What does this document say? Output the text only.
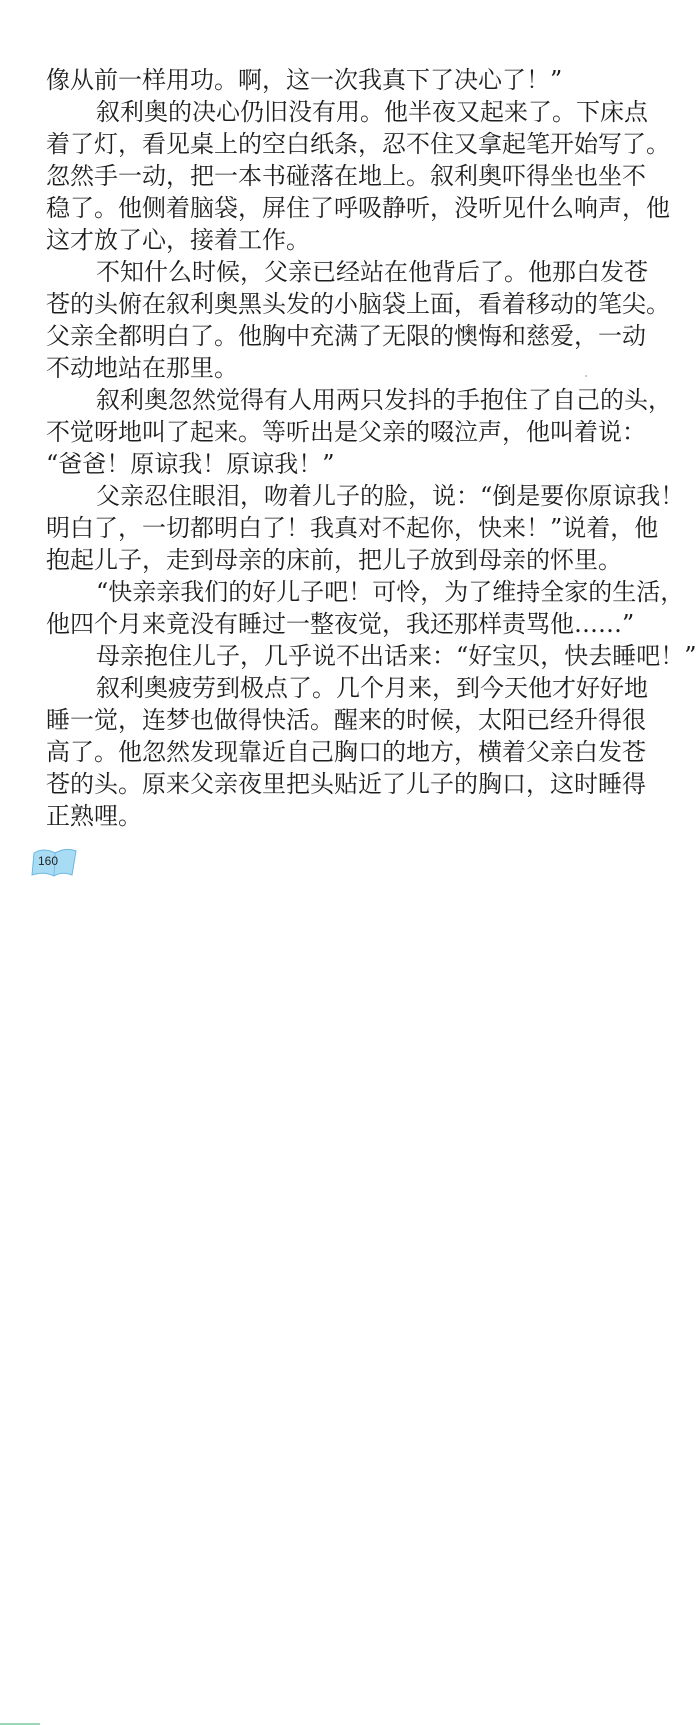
像从前一样用功。啊，这一次我真下了决心了！”
叙利奥的决心仍旧没有用。他半夜又起来了。下床点
着了灯，看见桌上的空白纸条，忍不住又拿起笔开始写了。
忽然手一动，把一本书碰落在地上。叙利奥吓得坐也坐不
稳了。他侧着脑袋，屏住了呼吸静听，没听见什么响声，他
这才放了心，接着工作。
不知什么时候，父亲已经站在他背后了。他那白发苍
苍的头俯在叙利奥黑头发的小脑袋上面，看着移动的笔尖。
父亲全都明白了。他胸中充满了无限的懊悔和慈爱，一动
不动地站在那里。
叙利奥忽然觉得有人用两只发抖的手抱住了自己的头，
不觉呀地叫了起来。等听出是父亲的啜泣声，他叫着说：
“爸爸！原谅我！原谅我！”
父亲忍住眼泪，吻着儿子的脸，说：“倒是要你原谅我！
明白了，一切都明白了！我真对不起你，快来！”说着，他
抱起儿子，走到母亲的床前，把儿子放到母亲的怀里。
“快亲亲我们的好儿子吧！可怜，为了维持全家的生活，
他四个月来竟没有睡过一整夜觉，我还那样责骂他……”
母亲抱住儿子，几乎说不出话来：“好宝贝，快去睡吧！”
叙利奥疲劳到极点了。几个月来，到今天他才好好地
睡一觉，连梦也做得快活。醒来的时候，太阳已经升得很
高了。他忽然发现靠近自己胸口的地方，横着父亲白发苍
苍的头。原来父亲夜里把头贴近了儿子的胸口，这时睡得
正熟哩。
160
